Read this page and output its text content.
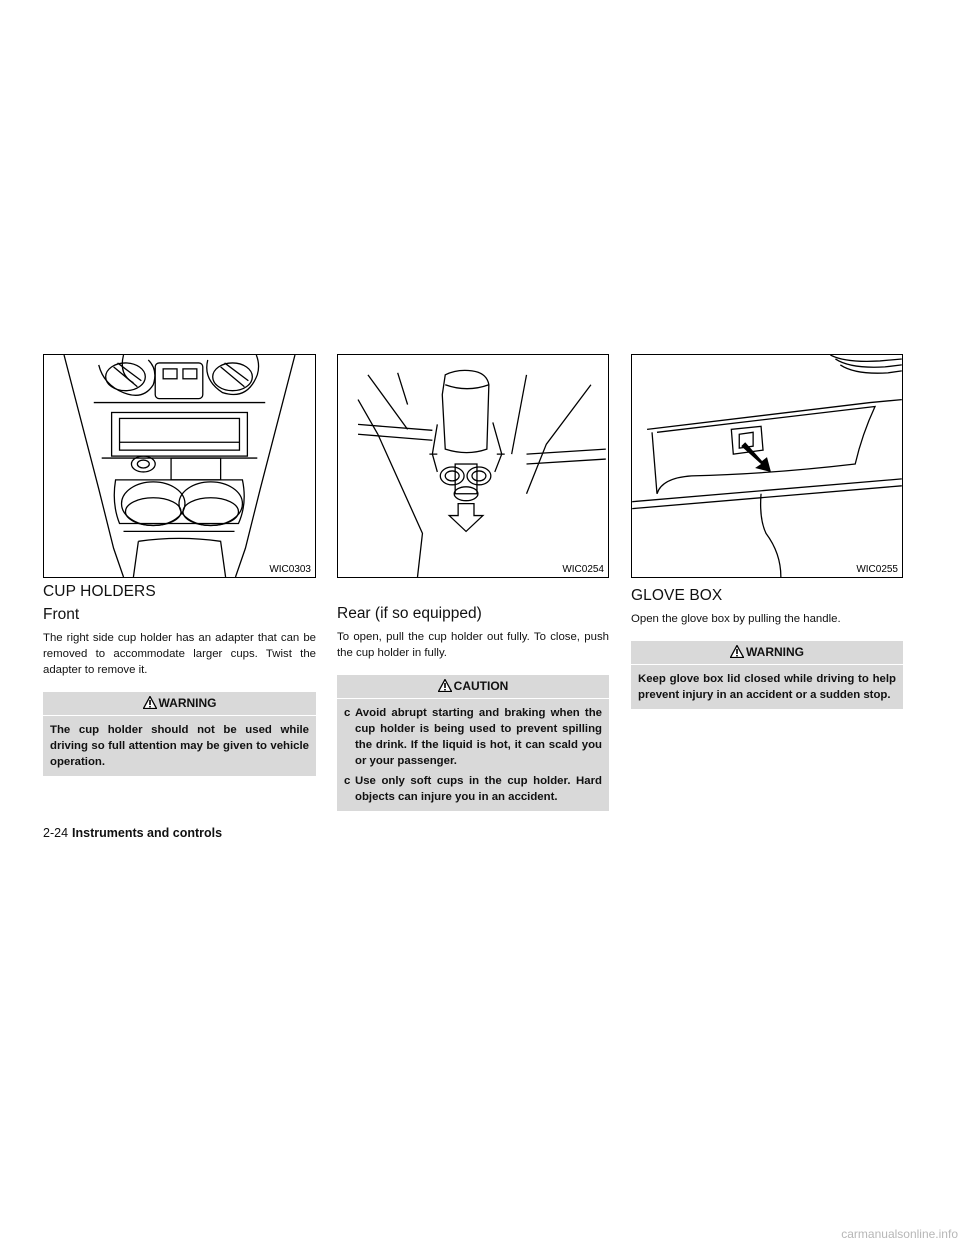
WIC0303
CUP HOLDERS
Front

The right side cup holder has an adapter that can be removed to accommodate larger cups. Twist the adapter to remove it.

WARNING
The cup holder should not be used while driving so full attention may be given to vehicle operation.
WIC0254
Rear (if so equipped)

To open, pull the cup holder out fully. To close, push the cup holder in fully.

CAUTION
c Avoid abrupt starting and braking when the cup holder is being used to prevent spilling the drink. If the liquid is hot, it can scald you or your passenger.
c Use only soft cups in the cup holder. Hard objects can injure you in an accident.
WIC0255
GLOVE BOX

Open the glove box by pulling the handle.

WARNING
Keep glove box lid closed while driving to help prevent injury in an accident or a sudden stop.
2-24 Instruments and controls
carmanualsonline.info
